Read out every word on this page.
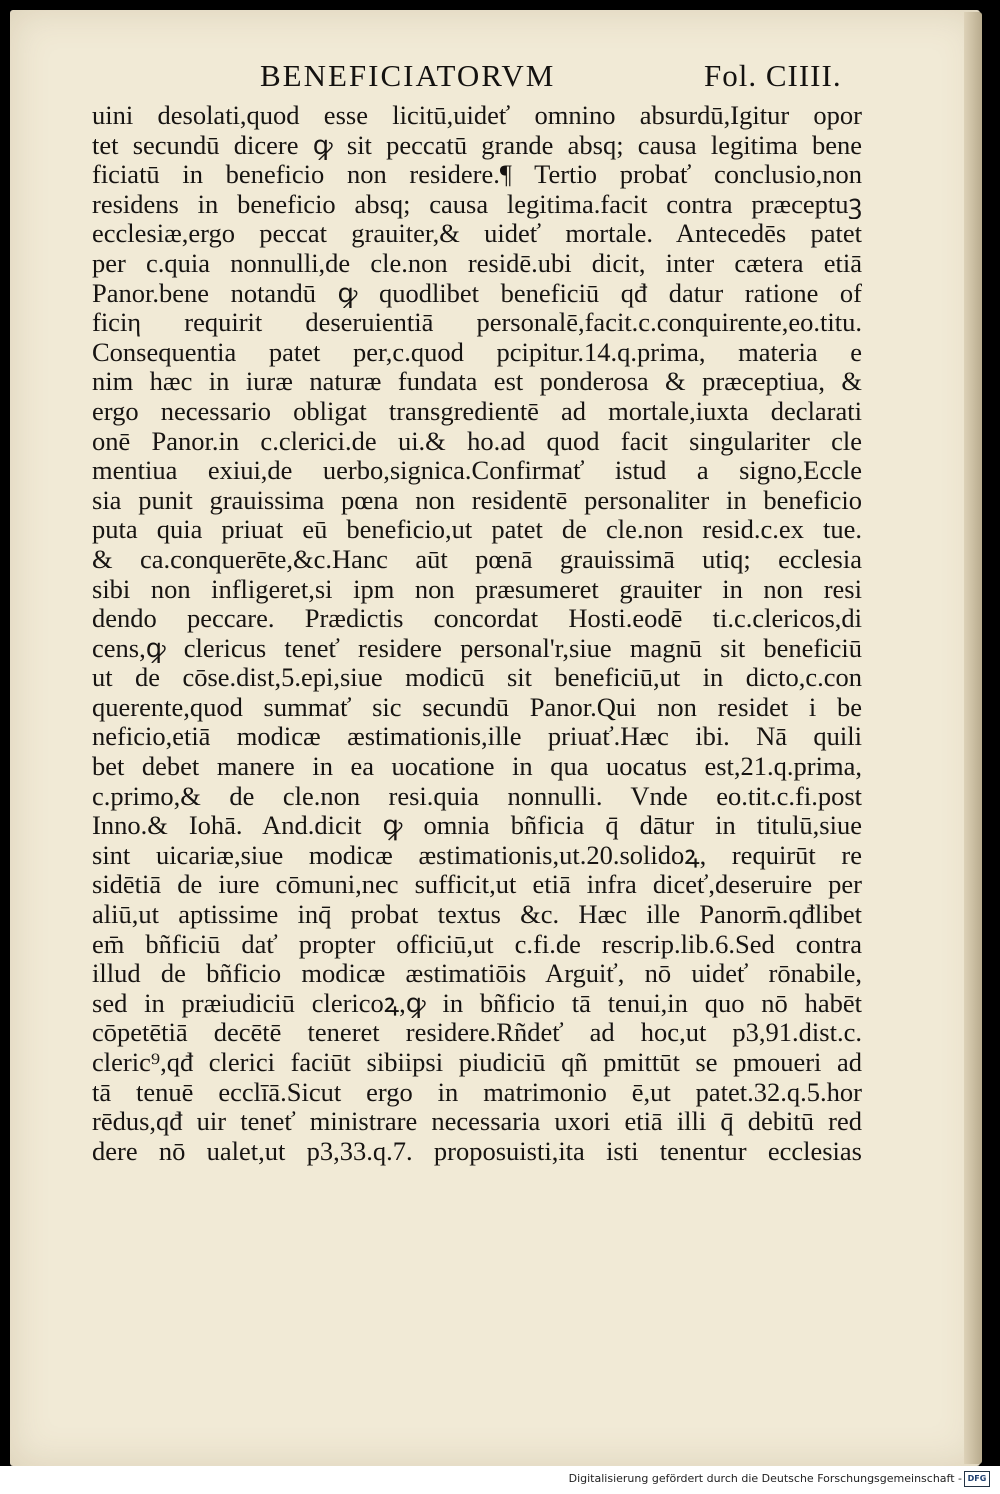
BENEFICIATORVM	Fol. CIIII.
uini desolati,quod esse licitū,uideť omnino absurdū,Igitur opor
tet secundū dicere ꝙ sit peccatū grande absq; causa legitima bene
ficiatū in beneficio non residere.¶ Tertio probať conclusio,non
residens in beneficio absq; causa legitima.facit contra præceptuꝫ
ecclesiæ,ergo peccat grauiter,& uideť mortale. Antecedēs patet
per c.quia nonnulli,de cle.non residē.ubi dicit, inter cætera etiā
Panor.bene notandū ꝙ quodlibet beneficiū qđ datur ratione of
ficiη requirit deseruientiā personalē,facit.c.conquirente,eo.titu.
Consequentia patet per,c.quod pcipitur.14.q.prima, materia e
nim hæc in iuræ naturæ fundata est ponderosa & præceptiua, &
ergo necessario obligat transgredientē ad mortale,iuxta declarati
onē Panor.in c.clerici.de ui.& ho.ad quod facit singulariter cle
mentiua exiui,de uerbo,signica.Confirmať istud a signo,Eccle
sia punit grauissima pœna non residentē personaliter in beneficio
puta quia priuat eū beneficio,ut patet de cle.non resid.c.ex tue.
& ca.conquerēte,&c.Hanc aūt pœnā grauissimā utiq; ecclesia
sibi non infligeret,si ipm non præsumeret grauiter in non resi
dendo peccare. Prædictis concordat Hosti.eodē ti.c.clericos,di
cens,ꝙ clericus teneť residere personal'r,siue magnū sit beneficiū
ut de cōse.dist,5.epi,siue modicū sit beneficiū,ut in dicto,c.con
querente,quod summať sic secundū Panor.Qui non residet i be
neficio,etiā modicæ æstimationis,ille priuať.Hæc ibi. Nā quili
bet debet manere in ea uocatione in qua uocatus est,21.q.prima,
c.primo,& de cle.non resi.quia nonnulli. Vnde eo.tit.c.fi.post
Inno.& Iohā. And.dicit ꝙ omnia bñficia q̄ dātur in titulū,siue
sint uicariæ,siue modicæ æstimationis,ut.20.solidoꝝ, requirūt re
sidētiā de iure cōmuni,nec sufficit,ut etiā infra diceť,deseruire per
aliū,ut aptissime inq̄ probat textus &c. Hæc ille Panorm̄.qđlibet
em̄ bñficiū dať propter officiū,ut c.fi.de rescrip.lib.6.Sed contra
illud de bñficio modicæ æstimatiōis Arguiť, nō uideť rōnabile,
sed in præiudiciū clericoꝝ,ꝙ in bñficio tā tenui,in quo nō habēt
cōpetētiā decētē teneret residere.Rñdeť ad hoc,ut p3,91.dist.c.
cleric⁹,qđ clerici faciūt sibiipsi piudiciū qñ pmittūt se pmoueri ad
tā tenuē ecclīā.Sicut ergo in matrimonio ē,ut patet.32.q.5.hor
rēdus,qđ uir teneť ministrare necessaria uxori etiā illi q̄ debitū red
dere nō ualet,ut p3,33.q.7. proposuisti,ita isti tenentur ecclesias
Digitalisierung gefördert durch die Deutsche Forschungsgemeinschaft - DFG
